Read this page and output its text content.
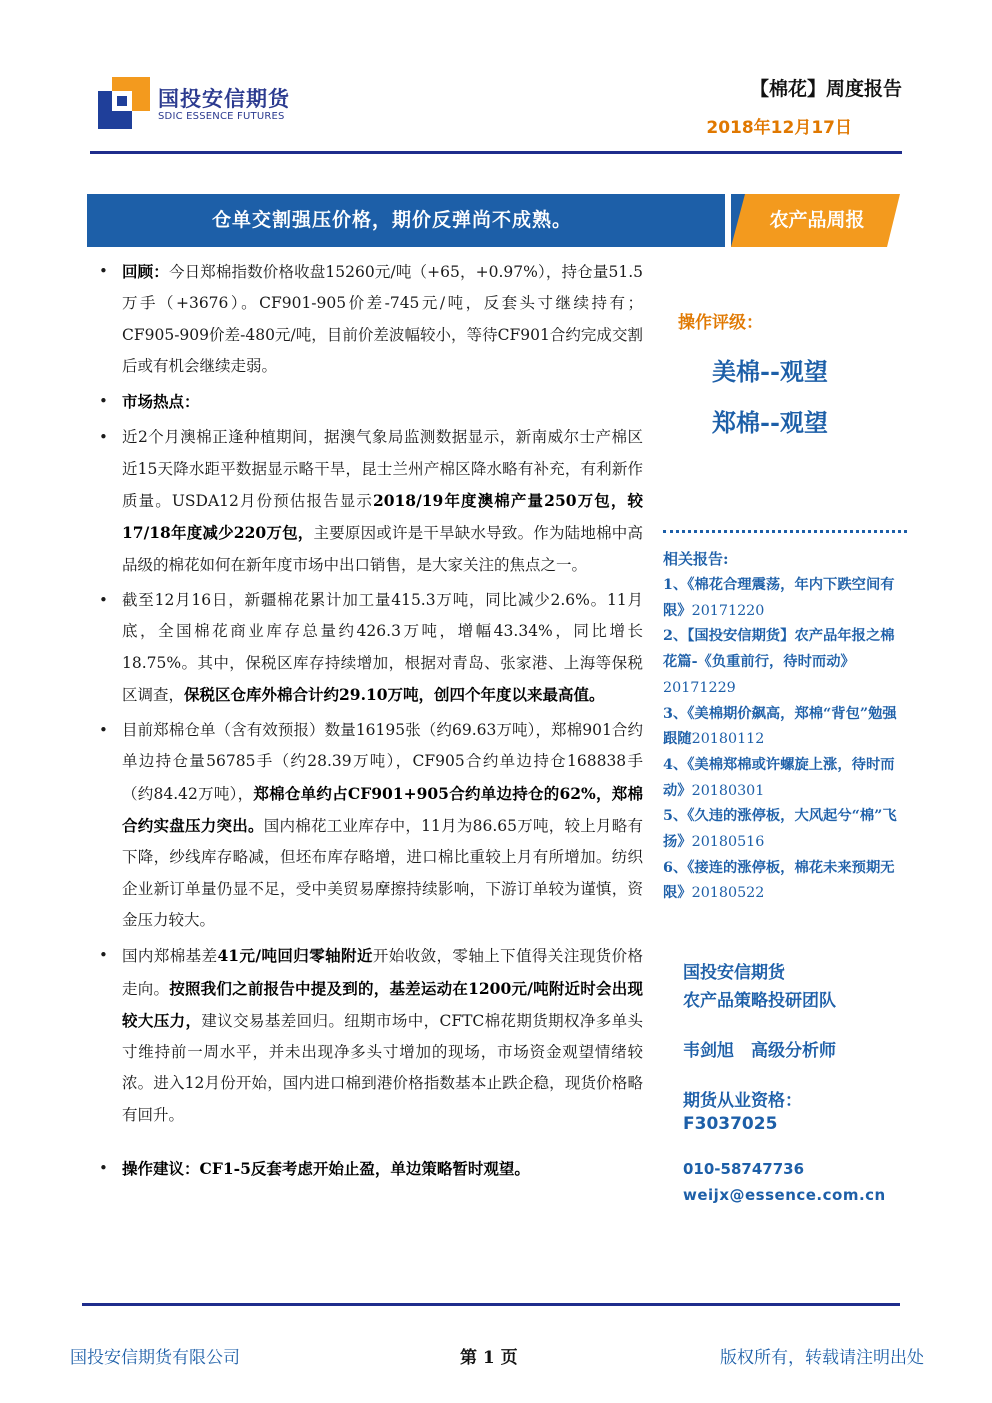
国投安信期货
SDIC ESSENCE FUTURES
【棉花】周度报告
2018年12月17日
仓单交割强压价格，期价反弹尚不成熟。	农产品周报

• 回顾：今日郑棉指数价格收盘15260元/吨（+65，+0.97%），持仓量51.5万手（+3676）。CF901-905价差-745元/吨，反套头寸继续持有；CF905-909价差-480元/吨，目前价差波幅较小，等待CF901合约完成交割后或有机会继续走弱。

• 市场热点：

• 近2个月澳棉正逢种植期间，据澳气象局监测数据显示，新南威尔士产棉区近15天降水距平数据显示略干旱，昆士兰州产棉区降水略有补充，有利新作质量。USDA12月份预估报告显示2018/19年度澳棉产量250万包，较17/18年度减少220万包，主要原因或许是干旱缺水导致。作为陆地棉中高品级的棉花如何在新年度市场中出口销售，是大家关注的焦点之一。

• 截至12月16日，新疆棉花累计加工量415.3万吨，同比减少2.6%。11月底，全国棉花商业库存总量约426.3万吨，增幅43.34%，同比增长18.75%。其中，保税区库存持续增加，根据对青岛、张家港、上海等保税区调查，保税区仓库外棉合计约29.10万吨，创四个年度以来最高值。

• 目前郑棉仓单（含有效预报）数量16195张（约69.63万吨），郑棉901合约单边持仓量56785手（约28.39万吨），CF905合约单边持仓168838手（约84.42万吨），郑棉仓单约占CF901+905合约单边持仓的62%，郑棉合约实盘压力突出。国内棉花工业库存中，11月为86.65万吨，较上月略有下降，纱线库存略减，但坯布库存略增，进口棉比重较上月有所增加。纺织企业新订单量仍显不足，受中美贸易摩擦持续影响，下游订单较为谨慎，资金压力较大。

• 国内郑棉基差41元/吨回归零轴附近开始收敛，零轴上下值得关注现货价格走向。按照我们之前报告中提及到的，基差运动在1200元/吨附近时会出现较大压力，建议交易基差回归。纽期市场中，CFTC棉花期货期权净多单头寸维持前一周水平，并未出现净多头寸增加的现场，市场资金观望情绪较浓。进入12月份开始，国内进口棉到港价格指数基本止跌企稳，现货价格略有回升。

• 操作建议：CF1-5反套考虑开始止盈，单边策略暂时观望。

操作评级：
美棉--观望
郑棉--观望
相关报告:
1、《棉花合理震荡，年内下跌空间有限》20171220
2、【国投安信期货】农产品年报之棉花篇-《负重前行，待时而动》20171229
3、《美棉期价飙高，郑棉“背包”勉强跟随20180112
4、《美棉郑棉或许螺旋上涨，待时而动》20180301
5、《久违的涨停板，大风起兮“棉”飞扬》20180516
6、《接连的涨停板，棉花未来预期无限》20180522
国投安信期货
农产品策略投研团队
韦剑旭　高级分析师
期货从业资格：
F3037025
010-58747736
weijx@essence.com.cn
国投安信期货有限公司	第 1 页	版权所有，转载请注明出处
